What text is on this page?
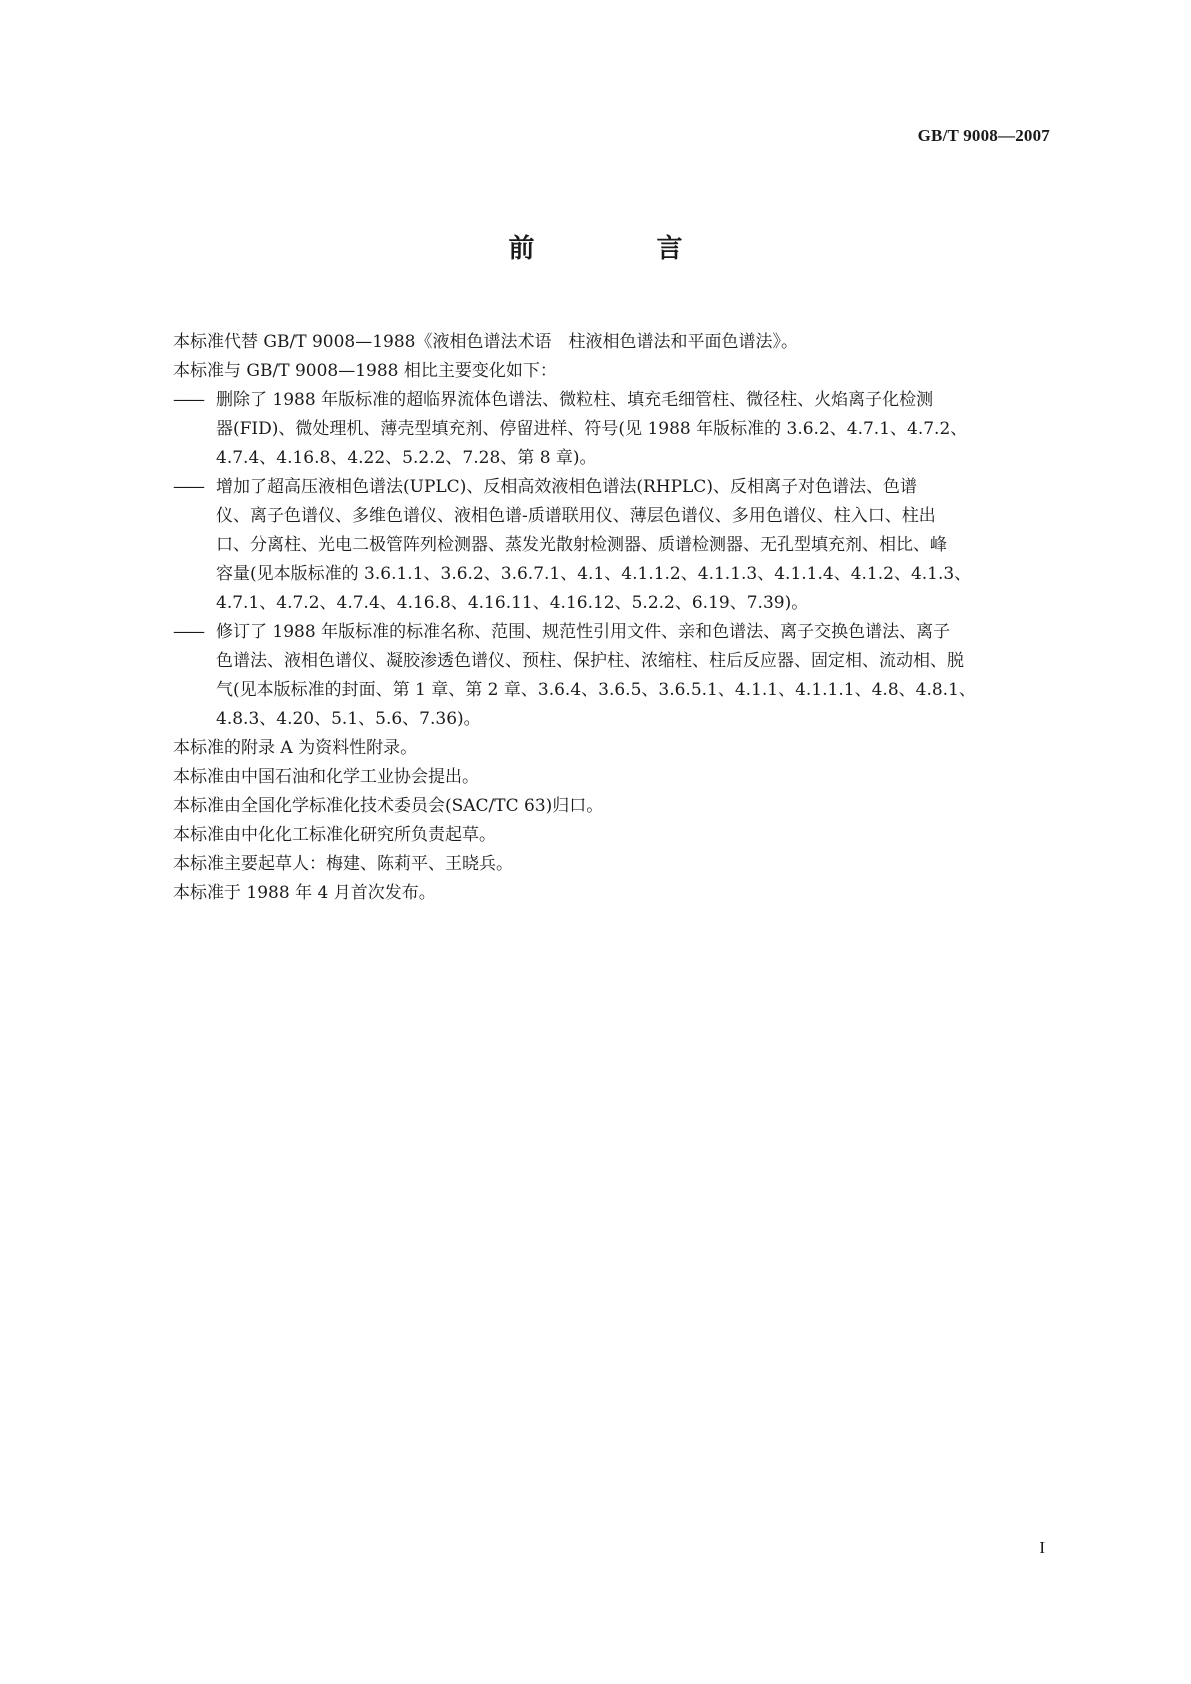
GB/T 9008—2007
前　言

本标准代替 GB/T 9008—1988《液相色谱法术语　柱液相色谱法和平面色谱法》。

本标准与 GB/T 9008—1988 相比主要变化如下：

—— 删除了 1988 年版标准的超临界流体色谱法、微粒柱、填充毛细管柱、微径柱、火焰离子化检测
器(FID)、微处理机、薄壳型填充剂、停留进样、符号(见 1988 年版标准的 3.6.2、4.7.1、4.7.2、
4.7.4、4.16.8、4.22、5.2.2、7.28、第 8 章)。
—— 增加了超高压液相色谱法(UPLC)、反相高效液相色谱法(RHPLC)、反相离子对色谱法、色谱
仪、离子色谱仪、多维色谱仪、液相色谱-质谱联用仪、薄层色谱仪、多用色谱仪、柱入口、柱出
口、分离柱、光电二极管阵列检测器、蒸发光散射检测器、质谱检测器、无孔型填充剂、相比、峰
容量(见本版标准的 3.6.1.1、3.6.2、3.6.7.1、4.1、4.1.1.2、4.1.1.3、4.1.1.4、4.1.2、4.1.3、
4.7.1、4.7.2、4.7.4、4.16.8、4.16.11、4.16.12、5.2.2、6.19、7.39)。
—— 修订了 1988 年版标准的标准名称、范围、规范性引用文件、亲和色谱法、离子交换色谱法、离子
色谱法、液相色谱仪、凝胶渗透色谱仪、预柱、保护柱、浓缩柱、柱后反应器、固定相、流动相、脱
气(见本版标准的封面、第 1 章、第 2 章、3.6.4、3.6.5、3.6.5.1、4.1.1、4.1.1.1、4.8、4.8.1、
4.8.3、4.20、5.1、5.6、7.36)。

本标准的附录 A 为资料性附录。

本标准由中国石油和化学工业协会提出。

本标准由全国化学标准化技术委员会(SAC/TC 63)归口。

本标准由中化化工标准化研究所负责起草。

本标准主要起草人：梅建、陈莉平、王晓兵。

本标准于 1988 年 4 月首次发布。

I
